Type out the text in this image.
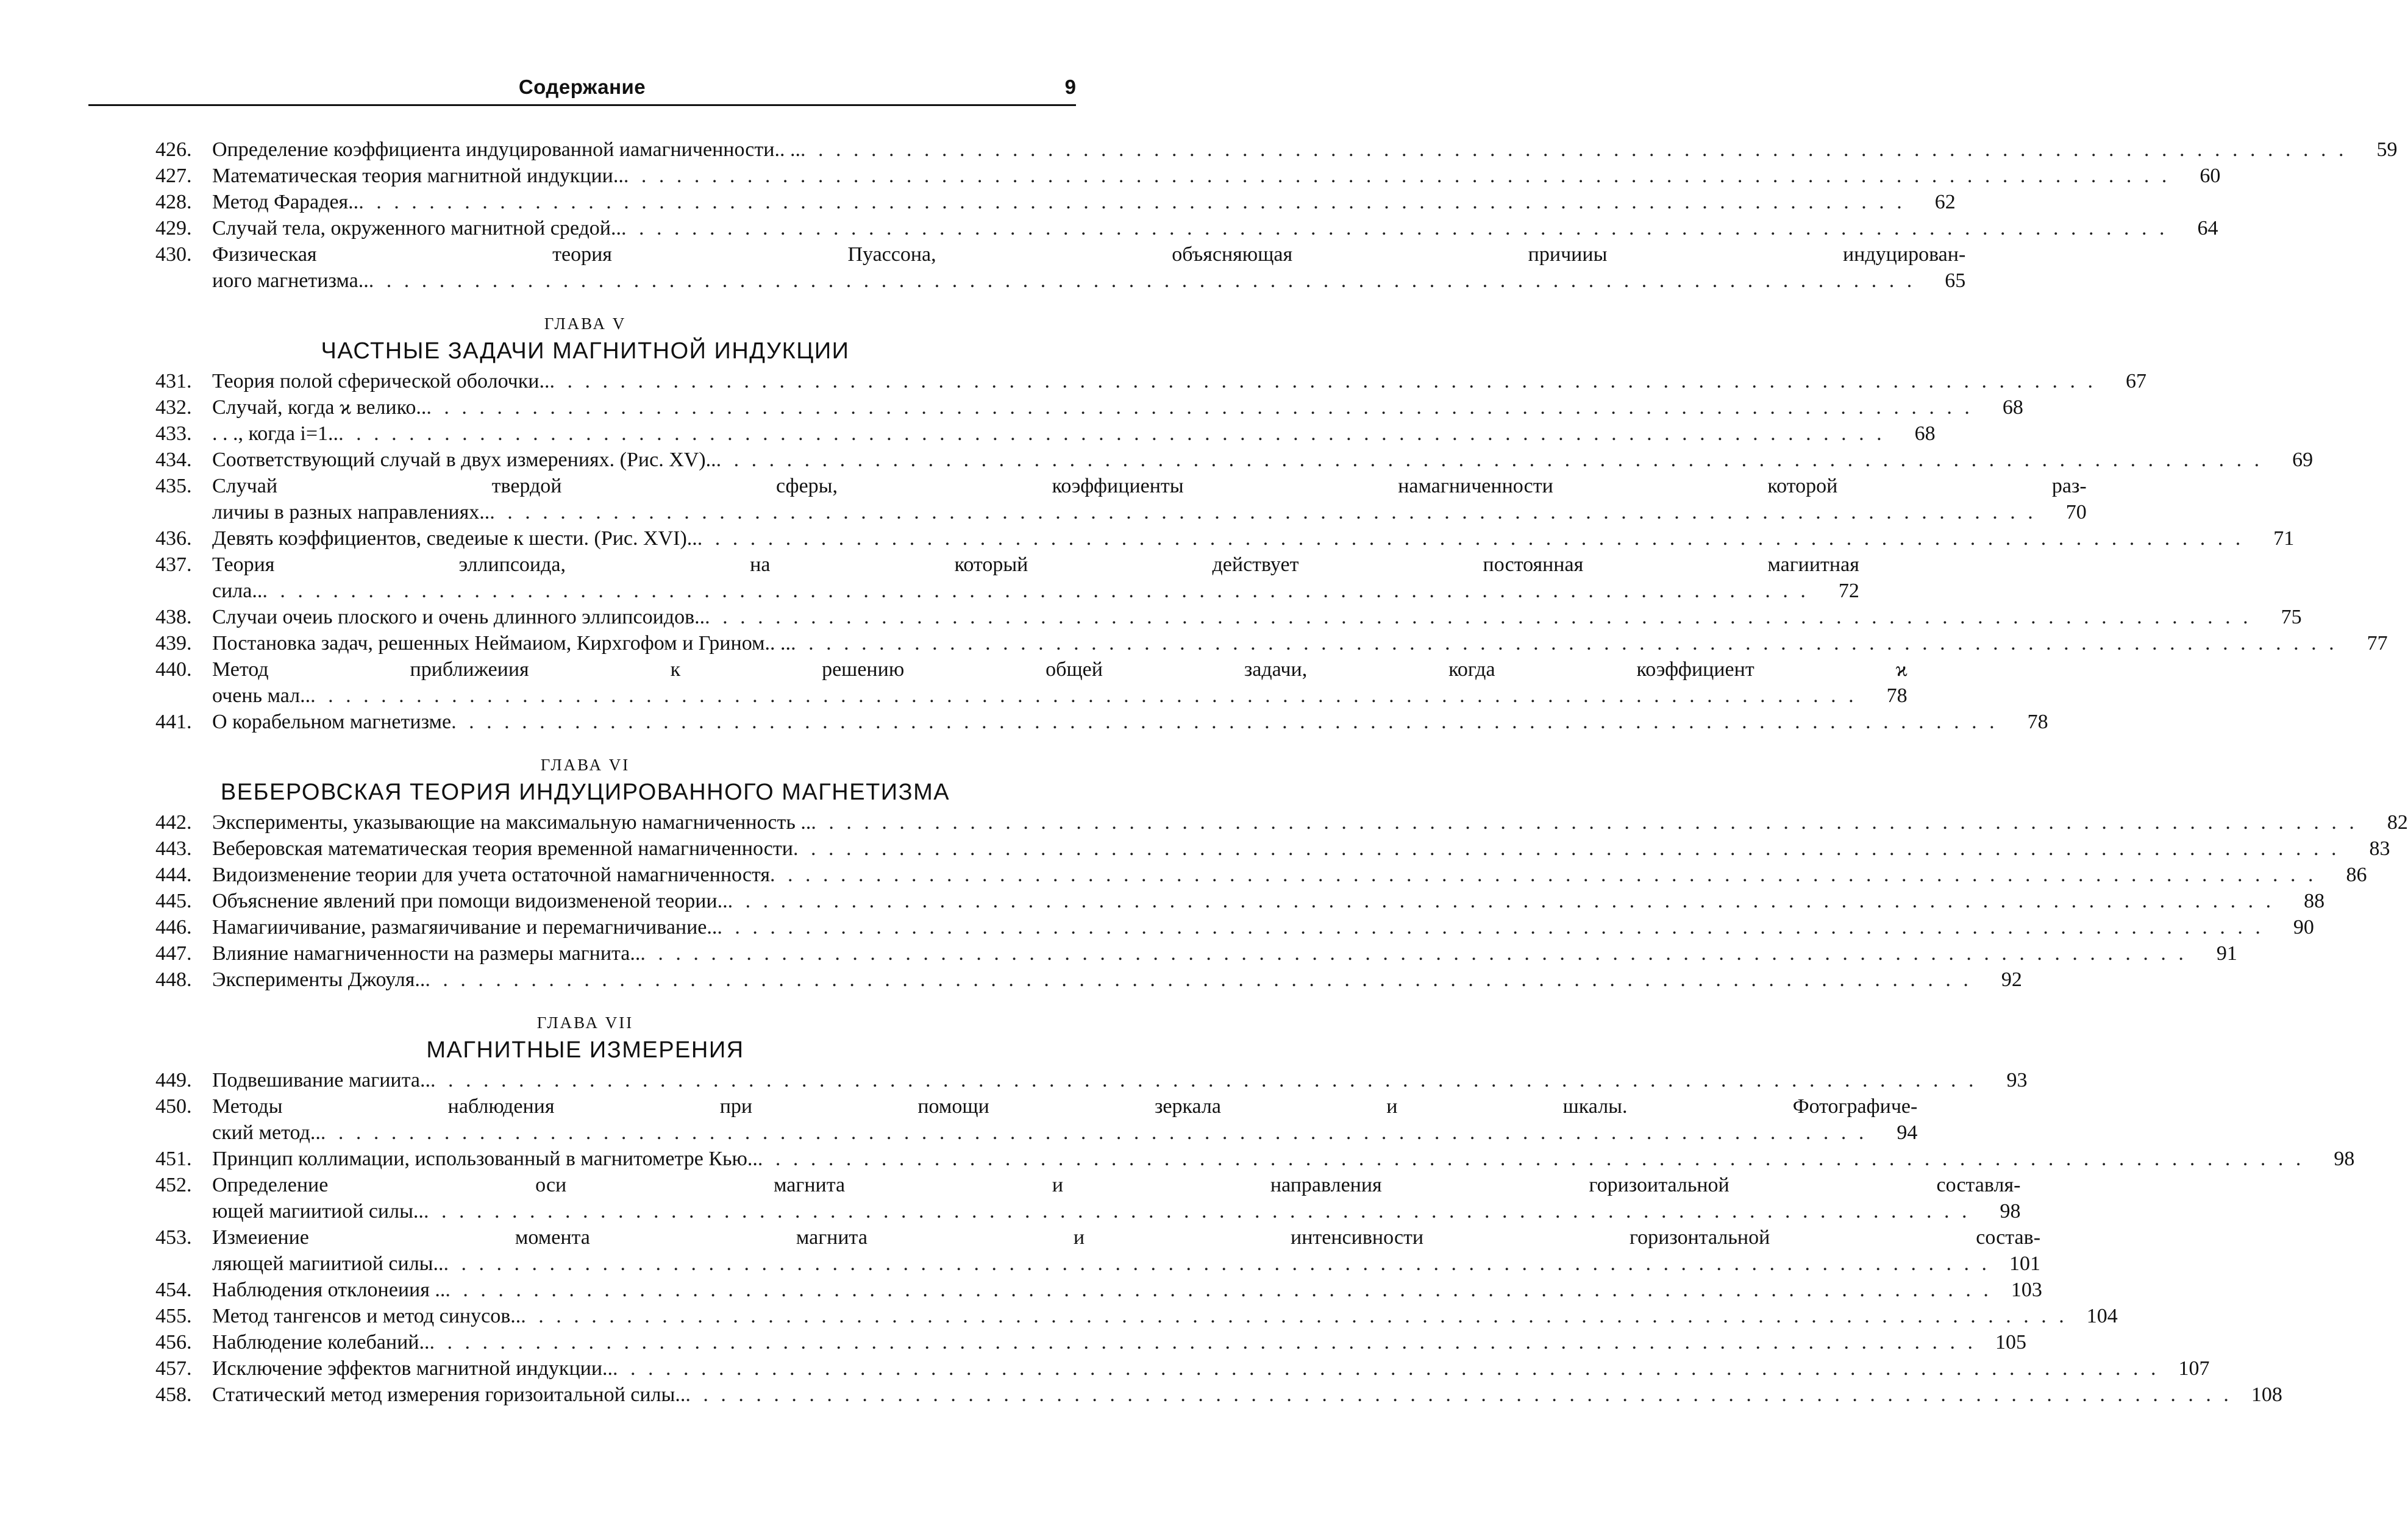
Содержание	9
426. Определение коэффициента индуцированной иамагниченности.. .. . . .	59
427. Математическая теория магнитной индукции.. . . .	60
428. Метод Фарадея.. . . .	62
429. Случай тела, окруженного магнитной средой.. . . .	64
430. Физическая теория Пуассона, объясняющая причииы индуцирован-
иого магнетизма.. . . .	65
ГЛАВА V
ЧАСТНЫЕ ЗАДАЧИ МАГНИТНОЙ ИНДУКЦИИ
431. Теория полой сферической оболочки.. . . .	67
432. Случай, когда ϰ велико.. . . .	68
433. . . ., когда i=1.. . . .	68
434. Соответствующий случай в двух измерениях. (Рис. XV).. . . .	69
435. Случай твердой сферы, коэффициенты намагниченности которой раз-
личиы в разных направлениях.. . . .	70
436. Девять коэффициентов, сведеиые к шести. (Рис. XVI).. . . .	71
437. Теория эллипсоида, на который действует постоянная магиитная
сила.. . . .	72
438. Случаи очеиь плоского и очень длинного эллипсоидов.. . . .	75
439. Постановка задач, решенных Неймаиом, Кирхгофом и Грином.. .. . . .	77
440. Метод приближеиия к решению общей задачи, когда коэффициент ϰ
очень мал.. . . .	78
441. О корабельном магнетизме . . .	78
ГЛАВА VI
ВЕБЕРОВСКАЯ ТЕОРИЯ ИНДУЦИРОВАННОГО МАГНЕТИЗМА
442. Эксперименты, указывающие на максимальную намагниченность .. . . .	82
443. Веберовская математическая теория временной намагниченности . . .	83
444. Видоизменение теории для учета остаточной намагниченностя . . .	86
445. Объяснение явлений при помощи видоизмененой теории.. . . .	88
446. Намагиичивание, размагяичивание и перемагничивание.. . . .	90
447. Влияние намагниченности на размеры магнита.. . . .	91
448. Эксперименты Джоуля.. . . .	92
ГЛАВА VII
МАГНИТНЫЕ ИЗМЕРЕНИЯ
449. Подвешивание магиита.. . . .	93
450. Методы наблюдения при помощи зеркала и шкалы. Фотографиче-
ский метод.. . . .	94
451. Принцип коллимации, использованный в магнитометре Кью.. . . .	98
452. Определение оси магнита и направления горизоитальной составля-
ющей магиитиой силы.. . . .	98
453. Измеиение момента магнита и интенсивности горизонтальной состав-
ляющей магиитиой силы.. . . .	101
454. Наблюдения отклонеиия .. . . .	103
455. Метод тангенсов и метод синусов.. . . .	104
456. Наблюдение колебаний.. . . .	105
457. Исключение эффектов магнитной индукции.. . . .	107
458. Статический метод измерения горизоитальной силы.. . . .	108
